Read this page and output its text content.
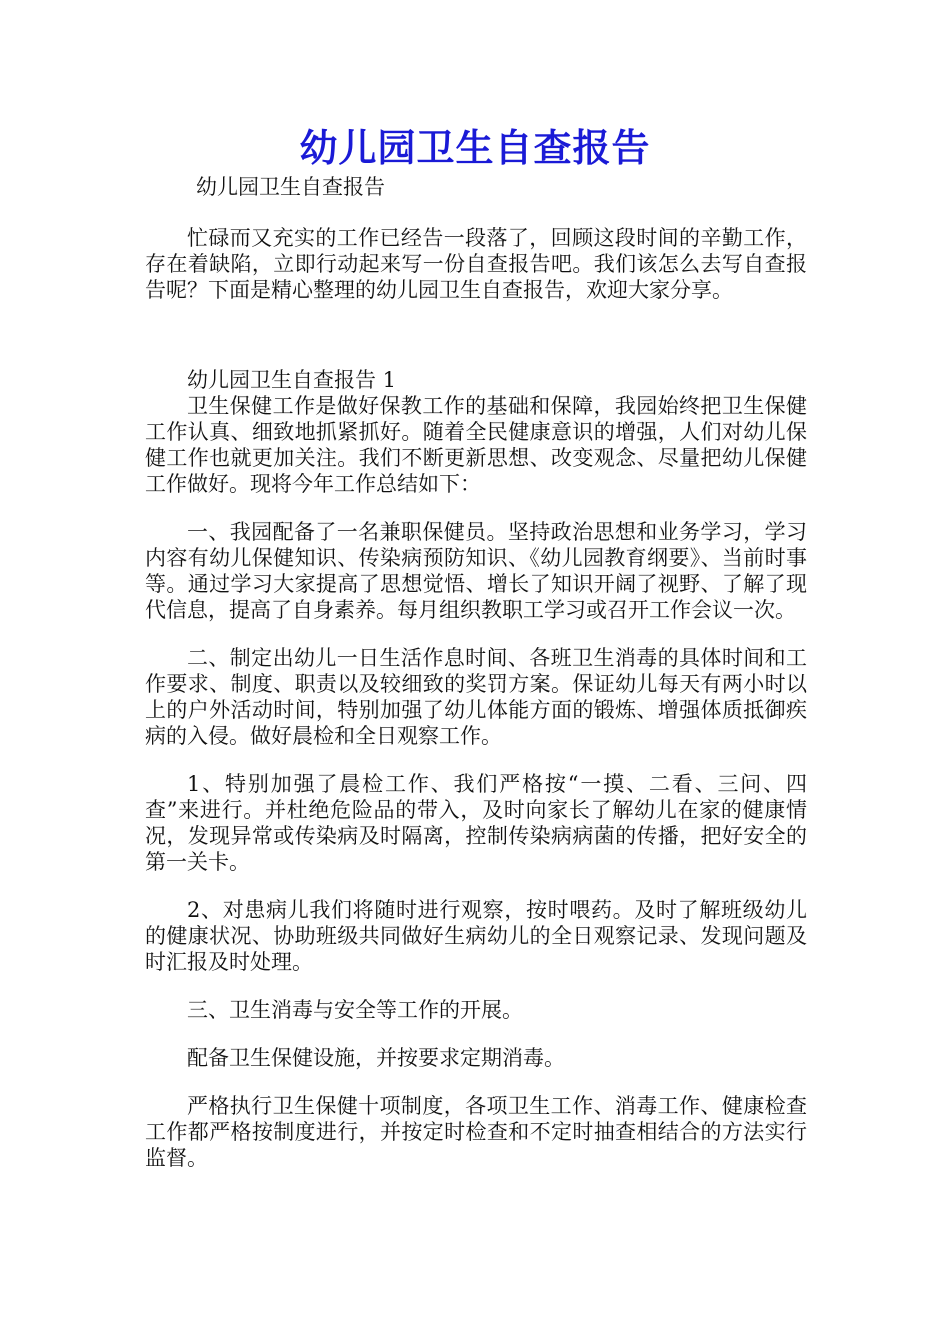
幼儿园卫生自查报告
幼儿园卫生自查报告

忙碌而又充实的工作已经告一段落了，回顾这段时间的辛勤工作，存在着缺陷，立即行动起来写一份自查报告吧。我们该怎么去写自查报告呢？下面是精心整理的幼儿园卫生自查报告，欢迎大家分享。

幼儿园卫生自查报告 1

卫生保健工作是做好保教工作的基础和保障，我园始终把卫生保健工作认真、细致地抓紧抓好。随着全民健康意识的增强，人们对幼儿保健工作也就更加关注。我们不断更新思想、改变观念、尽量把幼儿保健工作做好。现将今年工作总结如下：

一、我园配备了一名兼职保健员。坚持政治思想和业务学习，学习内容有幼儿保健知识、传染病预防知识、《幼儿园教育纲要》、当前时事等。通过学习大家提高了思想觉悟、增长了知识开阔了视野、了解了现代信息，提高了自身素养。每月组织教职工学习或召开工作会议一次。

二、制定出幼儿一日生活作息时间、各班卫生消毒的具体时间和工作要求、制度、职责以及较细致的奖罚方案。保证幼儿每天有两小时以上的户外活动时间，特别加强了幼儿体能方面的锻炼、增强体质抵御疾病的入侵。做好晨检和全日观察工作。

1、特别加强了晨检工作、我们严格按“一摸、二看、三问、四查”来进行。并杜绝危险品的带入，及时向家长了解幼儿在家的健康情况，发现异常或传染病及时隔离，控制传染病病菌的传播，把好安全的第一关卡。

2、对患病儿我们将随时进行观察，按时喂药。及时了解班级幼儿的健康状况、协助班级共同做好生病幼儿的全日观察记录、发现问题及时汇报及时处理。

三、卫生消毒与安全等工作的开展。

配备卫生保健设施，并按要求定期消毒。

严格执行卫生保健十项制度，各项卫生工作、消毒工作、健康检查工作都严格按制度进行，并按定时检查和不定时抽查相结合的方法实行监督。
